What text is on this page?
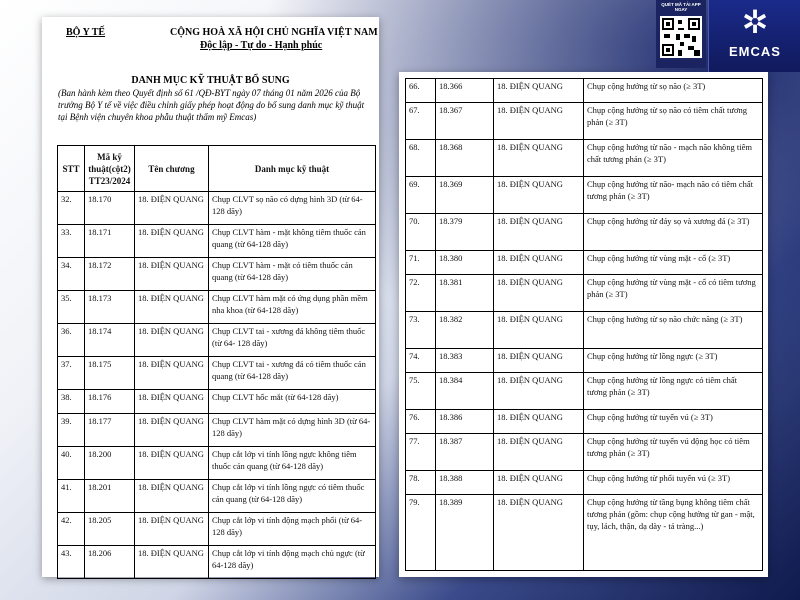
BỘ Y TẾ	CỘNG HOÀ XÃ HỘI CHỦ NGHĨA VIỆT NAM
Độc lập - Tự do - Hạnh phúc
DANH MỤC KỸ THUẬT BỔ SUNG
(Ban hành kèm theo Quyết định số 61 /QĐ-BYT ngày 07 tháng 01 năm 2026 của Bộ trưởng Bộ Y tế về việc điều chỉnh giấy phép hoạt động do bổ sung danh mục kỹ thuật tại Bệnh viện chuyên khoa phẫu thuật thẩm mỹ Emcas)
STT	Mã kỹ thuật(cột2) TT23/2024	Tên chương	Danh mục kỹ thuật
32.	18.170	18. ĐIỆN QUANG	Chụp CLVT sọ não có dựng hình 3D (từ 64-128 dãy)
33.	18.171	18. ĐIỆN QUANG	Chụp CLVT hàm - mặt không tiêm thuốc cản quang (từ 64-128 dãy)
34.	18.172	18. ĐIỆN QUANG	Chụp CLVT hàm - mặt có tiêm thuốc cản quang (từ 64-128 dãy)
35.	18.173	18. ĐIỆN QUANG	Chụp CLVT hàm mặt có ứng dụng phần mềm nha khoa (từ 64-128 dãy)
36.	18.174	18. ĐIỆN QUANG	Chụp CLVT tai - xương đá không tiêm thuốc (từ 64- 128 dãy)
37.	18.175	18. ĐIỆN QUANG	Chụp CLVT tai - xương đá có tiêm thuốc cản quang (từ 64-128 dãy)
38.	18.176	18. ĐIỆN QUANG	Chụp CLVT hốc mắt (từ 64-128 dãy)
39.	18.177	18. ĐIỆN QUANG	Chụp CLVT hàm mặt có dựng hình 3D (từ 64-128 dãy)
40.	18.200	18. ĐIỆN QUANG	Chụp cắt lớp vi tính lồng ngực không tiêm thuốc cản quang (từ 64-128 dãy)
41.	18.201	18. ĐIỆN QUANG	Chụp cắt lớp vi tính lồng ngực có tiêm thuốc cản quang (từ 64-128 dãy)
42.	18.205	18. ĐIỆN QUANG	Chụp cắt lớp vi tính động mạch phổi (từ 64-128 dãy)
43.	18.206	18. ĐIỆN QUANG	Chụp cắt lớp vi tính động mạch chủ ngực (từ 64-128 dãy)
66.	18.366	18. ĐIỆN QUANG	Chụp cộng hưởng từ sọ não (≥ 3T)
67.	18.367	18. ĐIỆN QUANG	Chụp cộng hưởng từ sọ não có tiêm chất tương phản (≥ 3T)
68.	18.368	18. ĐIỆN QUANG	Chụp cộng hưởng từ não - mạch não không tiêm chất tương phản (≥ 3T)
69.	18.369	18. ĐIỆN QUANG	Chụp cộng hưởng từ não- mạch não có tiêm chất tương phản (≥ 3T)
70.	18.379	18. ĐIỆN QUANG	Chụp cộng hưởng từ đáy sọ và xương đá (≥ 3T)
71.	18.380	18. ĐIỆN QUANG	Chụp cộng hưởng từ vùng mặt - cổ (≥ 3T)
72.	18.381	18. ĐIỆN QUANG	Chụp cộng hưởng từ vùng mặt - cổ có tiêm tương phản (≥ 3T)
73.	18.382	18. ĐIỆN QUANG	Chụp cộng hưởng từ sọ não chức năng (≥ 3T)
74.	18.383	18. ĐIỆN QUANG	Chụp cộng hưởng từ lồng ngực (≥ 3T)
75.	18.384	18. ĐIỆN QUANG	Chụp cộng hưởng từ lồng ngực có tiêm chất tương phản (≥ 3T)
76.	18.386	18. ĐIỆN QUANG	Chụp cộng hưởng từ tuyến vú (≥ 3T)
77.	18.387	18. ĐIỆN QUANG	Chụp cộng hưởng từ tuyến vú động học có tiêm tương phản (≥ 3T)
78.	18.388	18. ĐIỆN QUANG	Chụp cộng hưởng từ phổi tuyến vú (≥ 3T)
79.	18.389	18. ĐIỆN QUANG	Chụp cộng hưởng từ tầng bụng không tiêm chất tương phản (gồm: chụp cộng hưởng từ gan - mật, tụy, lách, thận, dạ dày - tá tràng...)
QUÉT MÃ TẢI APP NGAY	✲
EMCAS
